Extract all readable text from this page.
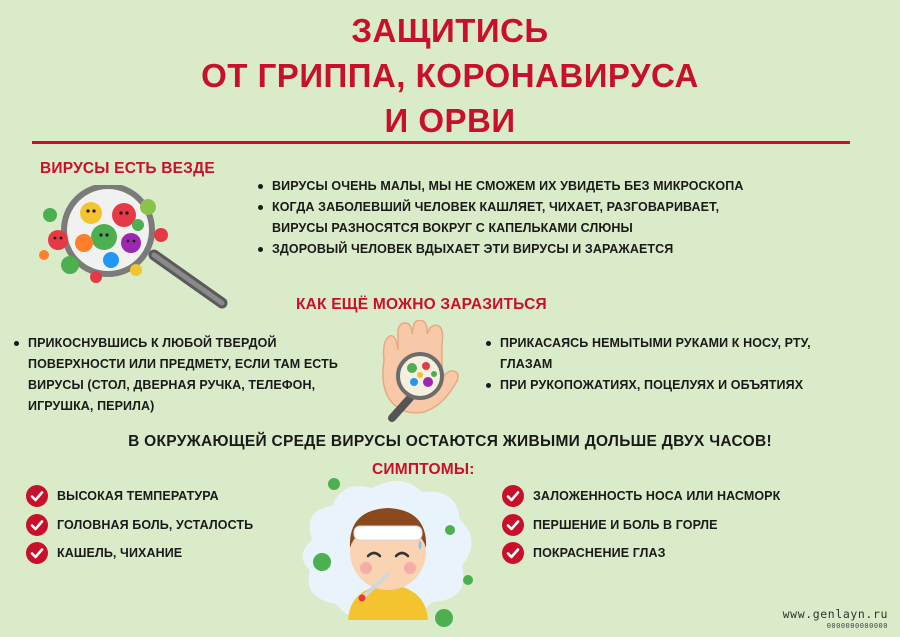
ЗАЩИТИСЬ
ОТ ГРИППА, КОРОНАВИРУСА
И ОРВИ
ВИРУСЫ ЕСТЬ ВЕЗДЕ
ВИРУСЫ ОЧЕНЬ МАЛЫ, МЫ НЕ СМОЖЕМ ИХ УВИДЕТЬ БЕЗ МИКРОСКОПА
КОГДА ЗАБОЛЕВШИЙ ЧЕЛОВЕК КАШЛЯЕТ, ЧИХАЕТ, РАЗГОВАРИВАЕТ, ВИРУСЫ РАЗНОСЯТСЯ ВОКРУГ С КАПЕЛЬКАМИ СЛЮНЫ
ЗДОРОВЫЙ ЧЕЛОВЕК ВДЫХАЕТ ЭТИ ВИРУСЫ И ЗАРАЖАЕТСЯ
КАК ЕЩЁ МОЖНО ЗАРАЗИТЬСЯ
ПРИКОСНУВШИСЬ К ЛЮБОЙ ТВЕРДОЙ ПОВЕРХНОСТИ ИЛИ ПРЕДМЕТУ, ЕСЛИ ТАМ ЕСТЬ ВИРУСЫ (СТОЛ, ДВЕРНАЯ РУЧКА, ТЕЛЕФОН, ИГРУШКА, ПЕРИЛА)
ПРИКАСАЯСЬ НЕМЫТЫМИ РУКАМИ К НОСУ, РТУ, ГЛАЗАМ
ПРИ РУКОПОЖАТИЯХ, ПОЦЕЛУЯХ И ОБЪЯТИЯХ
В ОКРУЖАЮЩЕЙ СРЕДЕ ВИРУСЫ ОСТАЮТСЯ ЖИВЫМИ ДОЛЬШЕ ДВУХ ЧАСОВ!
СИМПТОМЫ:
ВЫСОКАЯ ТЕМПЕРАТУРА
ГОЛОВНАЯ БОЛЬ, УСТАЛОСТЬ
КАШЕЛЬ, ЧИХАНИЕ
ЗАЛОЖЕННОСТЬ НОСА ИЛИ НАСМОРК
ПЕРШЕНИЕ И БОЛЬ В ГОРЛЕ
ПОКРАСНЕНИЕ ГЛАЗ
www.genlayn.ru
0000000000000
